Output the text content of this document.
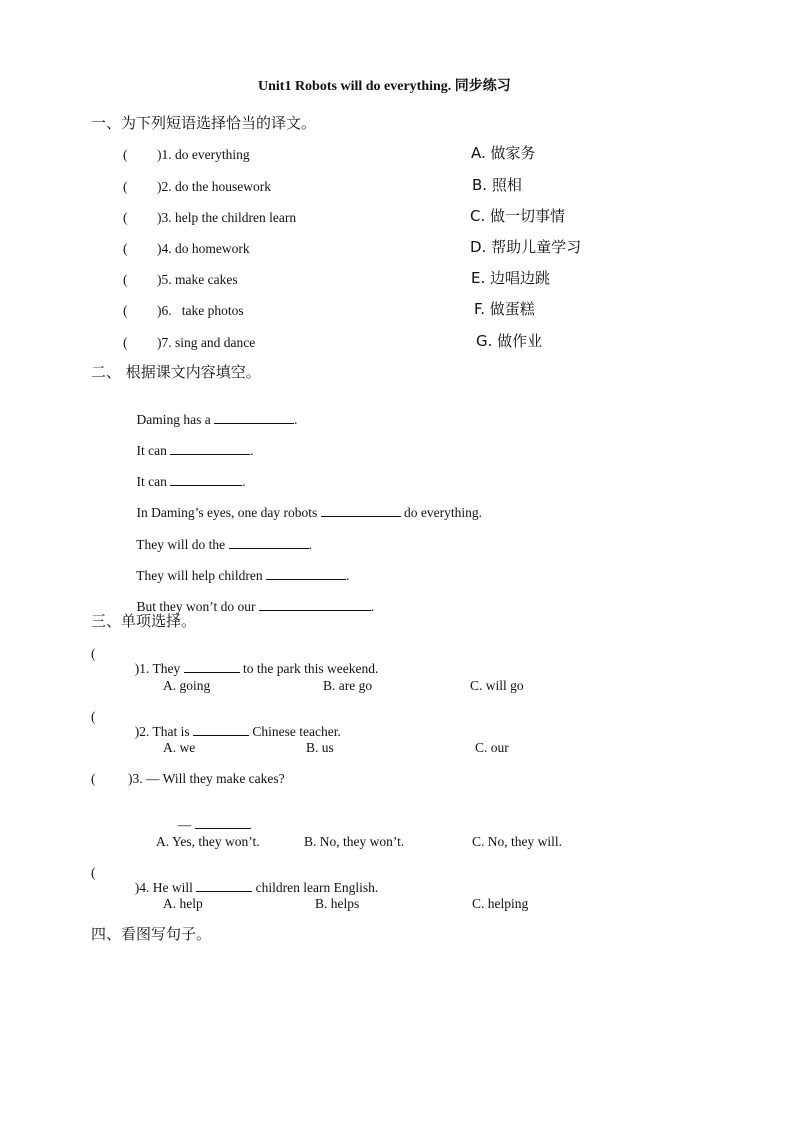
Unit1 Robots will do everything. 同步练习
一、为下列短语选择恰当的译文。
( )1. do everything	A. 做家务
( )2. do the housework	B. 照相
( )3. help the children learn	C. 做一切事情
( )4. do homework	D. 帮助儿童学习
( )5. make cakes	E. 边唱边跳
( )6.   take photos	F. 做蛋糕
( )7. sing and dance	G. 做作业
二、 根据课文内容填空。

Daming has a	.

It can	.

It can	.

In Daming’s eyes, one day robots	do everything.

They will do the	.

They will help children	.

But they won’t do our	.

三、单项选择。
(

)1. They	to the park this weekend.

A. going	B. are go	C. will go
(

)2. That is	Chinese teacher.

A. we	B. us	C. our
( )3. — Will they make cakes?

—

A. Yes, they won’t.	B. No, they won’t.	C. No, they will.
(

)4. He will	children learn English.

A. help	B. helps	C. helping
四、看图写句子。
